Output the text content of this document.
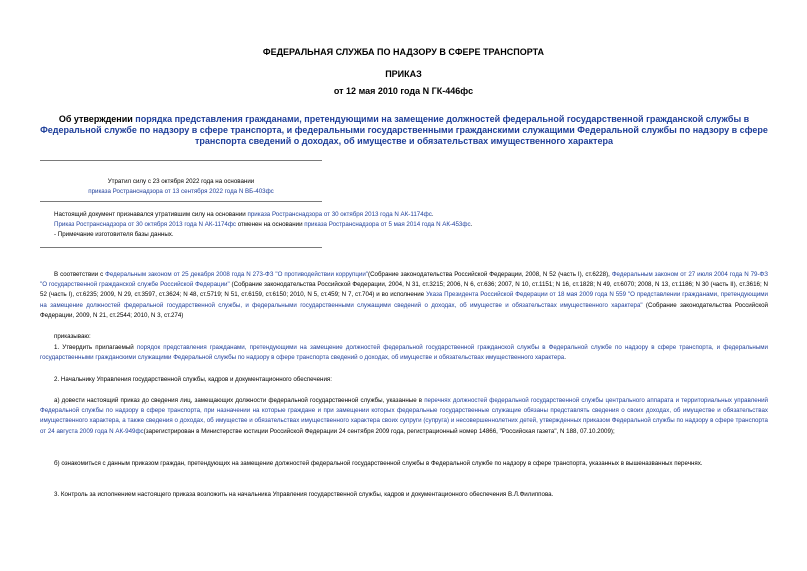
ФЕДЕРАЛЬНАЯ СЛУЖБА ПО НАДЗОРУ В СФЕРЕ ТРАНСПОРТА
ПРИКАЗ
от 12 мая 2010 года N ГК-446фс
Об утверждении порядка представления гражданами, претендующими на замещение должностей федеральной государственной гражданской службы в Федеральной службе по надзору в сфере транспорта, и федеральными государственными гражданскими служащими Федеральной службы по надзору в сфере транспорта сведений о доходах, об имуществе и обязательствах имущественного характера
Утратил силу с 23 октября 2022 года на основании
приказа Ространснадзора от 13 сентября 2022 года N ВБ-403фс
Настоящий документ признавался утратившим силу на основании приказа Ространснадзора от 30 октября 2013 года N АК-1174фс.
Приказ Ространснадзора от 30 октября 2013 года N АК-1174фс отменен на основании приказа Ространснадзора от 5 мая 2014 года N АК-453фс.
- Примечание изготовителя базы данных.
В соответствии с Федеральным законом от 25 декабря 2008 года N 273-ФЗ "О противодействии коррупции"(Собрание законодательства Российской Федерации, 2008, N 52 (часть I), ст.6228), Федеральным законом от 27 июля 2004 года N 79-ФЗ "О государственной гражданской службе Российской Федерации" (Собрание законодательства Российской Федерации, 2004, N 31, ст.3215; 2006, N 6, ст.636; 2007, N 10, ст.1151; N 16, ст.1828; N 49, ст.6070; 2008, N 13, ст.1186; N 30 (часть II), ст.3616; N 52 (часть I), ст.6235; 2009, N 29, ст.3597, ст.3624; N 48, ст.5719; N 51, ст.6159, ст.6150; 2010, N 5, ст.459; N 7, ст.704) и во исполнение Указа Президента Российской Федерации от 18 мая 2009 года N 559 "О представлении гражданами, претендующими на замещение должностей федеральной государственной службы, и федеральными государственными служащими сведений о доходах, об имуществе и обязательствах имущественного характера" (Собрание законодательства Российской Федерации, 2009, N 21, ст.2544; 2010, N 3, ст.274)
приказываю:
1. Утвердить прилагаемый порядок представления гражданами, претендующими на замещение должностей федеральной государственной гражданской службы в Федеральной службе по надзору в сфере транспорта, и федеральными государственными гражданскими служащими Федеральной службы по надзору в сфере транспорта сведений о доходах, об имуществе и обязательствах имущественного характера.
2. Начальнику Управления государственной службы, кадров и документационного обеспечения:
а) довести настоящий приказ до сведения лиц, замещающих должности федеральной государственной службы, указанные в перечнях должностей федеральной государственной службы центрального аппарата и территориальных управлений Федеральной службы по надзору в сфере транспорта, при назначении на которые граждане и при замещении которых федеральные государственные служащие обязаны представлять сведения о своих доходах, об имуществе и обязательствах имущественного характера, а также сведения о доходах, об имуществе и обязательствах имущественного характера своих супруги (супруга) и несовершеннолетних детей, утвержденных приказом Федеральной службы по надзору в сфере транспорта от 24 августа 2009 года N АК-949фс(зарегистрирован в Министерстве юстиции Российской Федерации 24 сентября 2009 года, регистрационный номер 14866, "Российская газета", N 188, 07.10.2009);
б) ознакомиться с данным приказом граждан, претендующих на замещение должностей федеральной государственной службы в Федеральной службе по надзору в сфере транспорта, указанных в вышеназванных перечнях.
3. Контроль за исполнением настоящего приказа возложить на начальника Управления государственной службы, кадров и документационного обеспечения В.Л.Филиппова.
